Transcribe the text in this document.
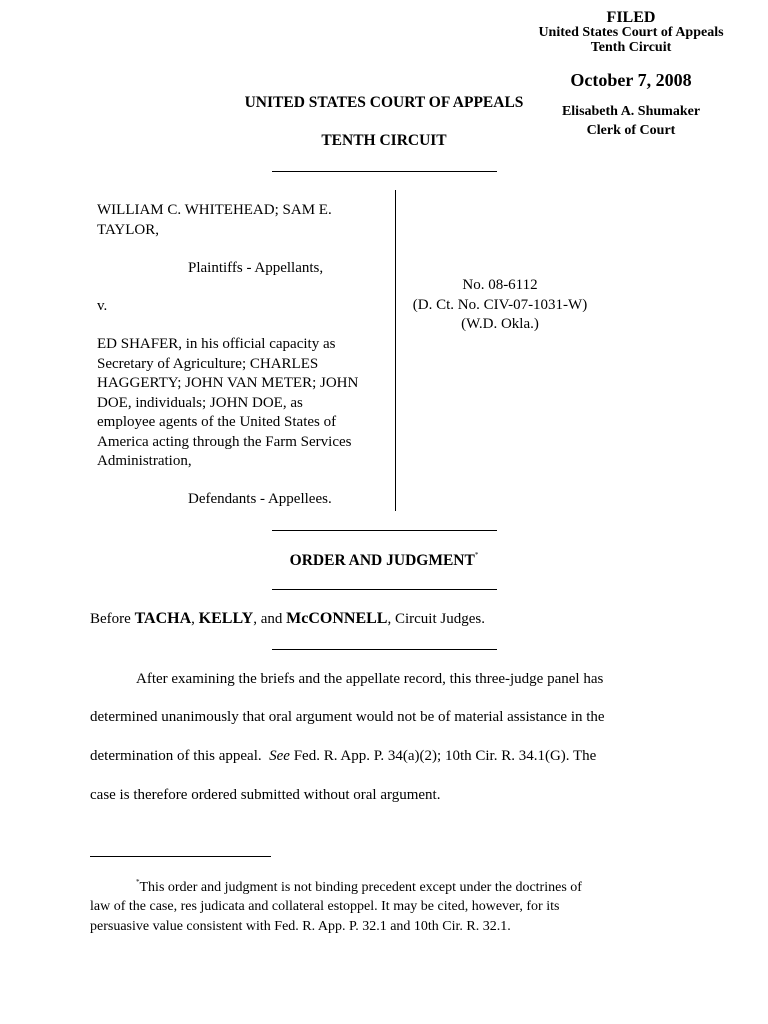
FILED
United States Court of Appeals
Tenth Circuit
October 7, 2008
Elisabeth A. Shumaker
Clerk of Court
UNITED STATES COURT OF APPEALS
TENTH CIRCUIT
WILLIAM C. WHITEHEAD; SAM E.
TAYLOR,
Plaintiffs - Appellants,
v.
ED SHAFER, in his official capacity as
Secretary of Agriculture; CHARLES
HAGGERTY; JOHN VAN METER; JOHN
DOE, individuals; JOHN DOE, as
employee agents of the United States of
America acting through the Farm Services
Administration,
Defendants - Appellees.
No. 08-6112
(D. Ct. No. CIV-07-1031-W)
(W.D. Okla.)
ORDER AND JUDGMENT*
Before TACHA, KELLY, and McCONNELL, Circuit Judges.
After examining the briefs and the appellate record, this three-judge panel has
determined unanimously that oral argument would not be of material assistance in the
determination of this appeal. See Fed. R. App. P. 34(a)(2); 10th Cir. R. 34.1(G). The
case is therefore ordered submitted without oral argument.

*This order and judgment is not binding precedent except under the doctrines of

law of the case, res judicata and collateral estoppel. It may be cited, however, for its

persuasive value consistent with Fed. R. App. P. 32.1 and 10th Cir. R. 32.1.
